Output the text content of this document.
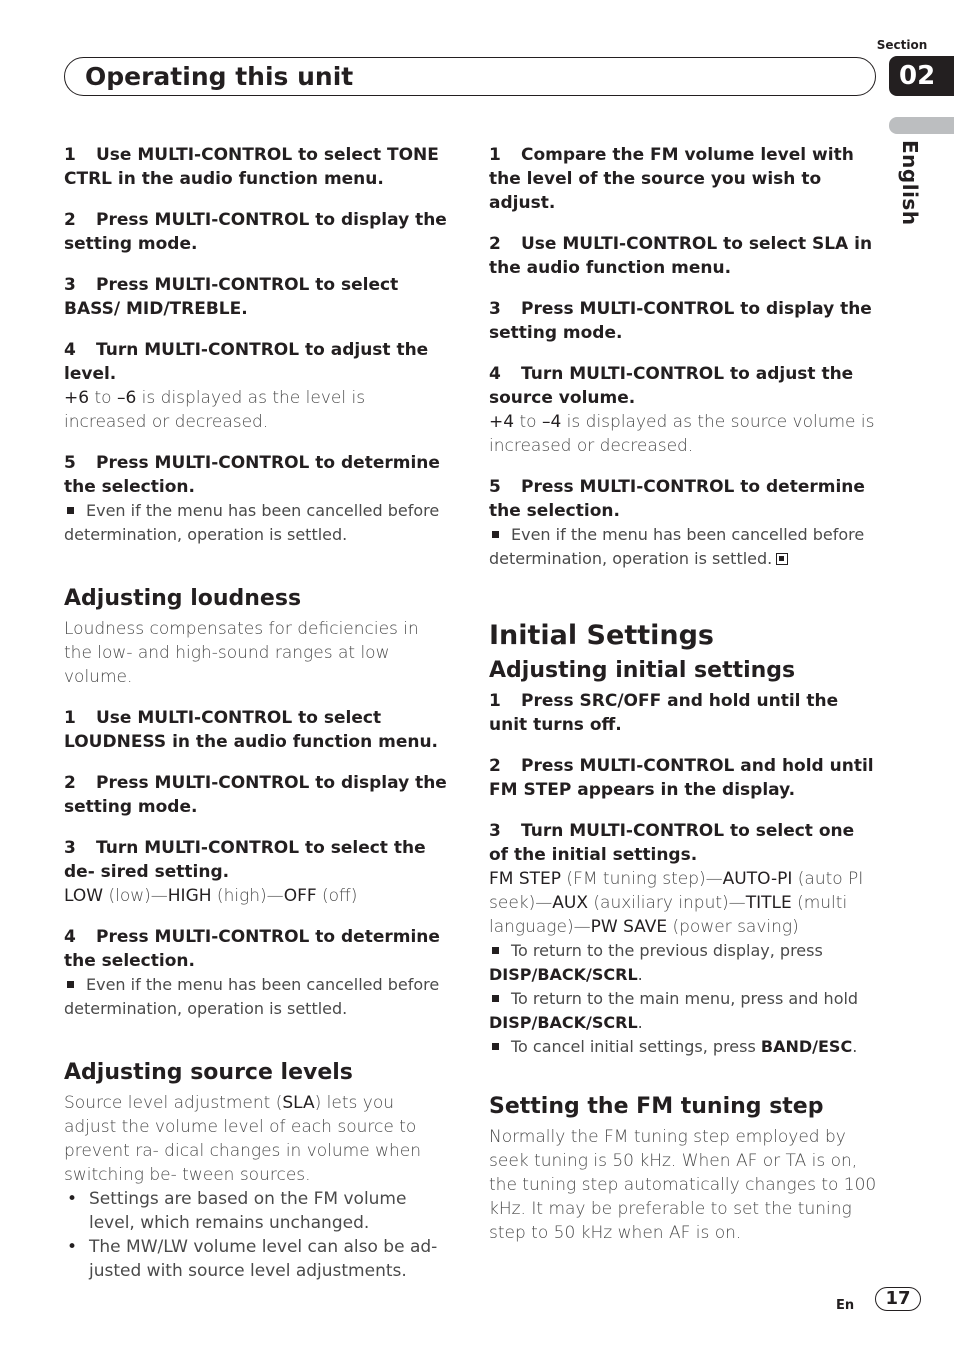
Section
02
Operating this unit
English

1 Use MULTI-CONTROL to select TONE CTRL in the audio function menu.

2 Press MULTI-CONTROL to display the setting mode.

3 Press MULTI-CONTROL to select BASS/ MID/TREBLE.

4 Turn MULTI-CONTROL to adjust the level.

+6 to –6 is displayed as the level is increased or decreased.

5 Press MULTI-CONTROL to determine the selection.

Even if the menu has been cancelled before determination, operation is settled.

Adjusting loudness

Loudness compensates for deficiencies in the low- and high-sound ranges at low volume.

1 Use MULTI-CONTROL to select LOUDNESS in the audio function menu.

2 Press MULTI-CONTROL to display the setting mode.

3 Turn MULTI-CONTROL to select the de- sired setting.

LOW (low)—HIGH (high)—OFF (off)

4 Press MULTI-CONTROL to determine the selection.

Even if the menu has been cancelled before determination, operation is settled.

Adjusting source levels

Source level adjustment (SLA) lets you adjust the volume level of each source to prevent ra- dical changes in volume when switching be- tween sources.

• Settings are based on the FM volume level, which remains unchanged.

• The MW/LW volume level can also be ad- justed with source level adjustments.

1 Compare the FM volume level with the level of the source you wish to adjust.

2 Use MULTI-CONTROL to select SLA in the audio function menu.

3 Press MULTI-CONTROL to display the setting mode.

4 Turn MULTI-CONTROL to adjust the source volume.

+4 to –4 is displayed as the source volume is increased or decreased.

5 Press MULTI-CONTROL to determine the selection.

Even if the menu has been cancelled before determination, operation is settled.

Initial Settings
Adjusting initial settings

1 Press SRC/OFF and hold until the unit turns off.

2 Press MULTI-CONTROL and hold until FM STEP appears in the display.

3 Turn MULTI-CONTROL to select one of the initial settings.

FM STEP (FM tuning step)—AUTO-PI (auto PI seek)—AUX (auxiliary input)—TITLE (multi language)—PW SAVE (power saving)

To return to the previous display, press DISP/BACK/SCRL.

To return to the main menu, press and hold DISP/BACK/SCRL.

To cancel initial settings, press BAND/ESC.

Setting the FM tuning step

Normally the FM tuning step employed by seek tuning is 50 kHz. When AF or TA is on, the tuning step automatically changes to 100 kHz. It may be preferable to set the tuning step to 50 kHz when AF is on.

En	17
